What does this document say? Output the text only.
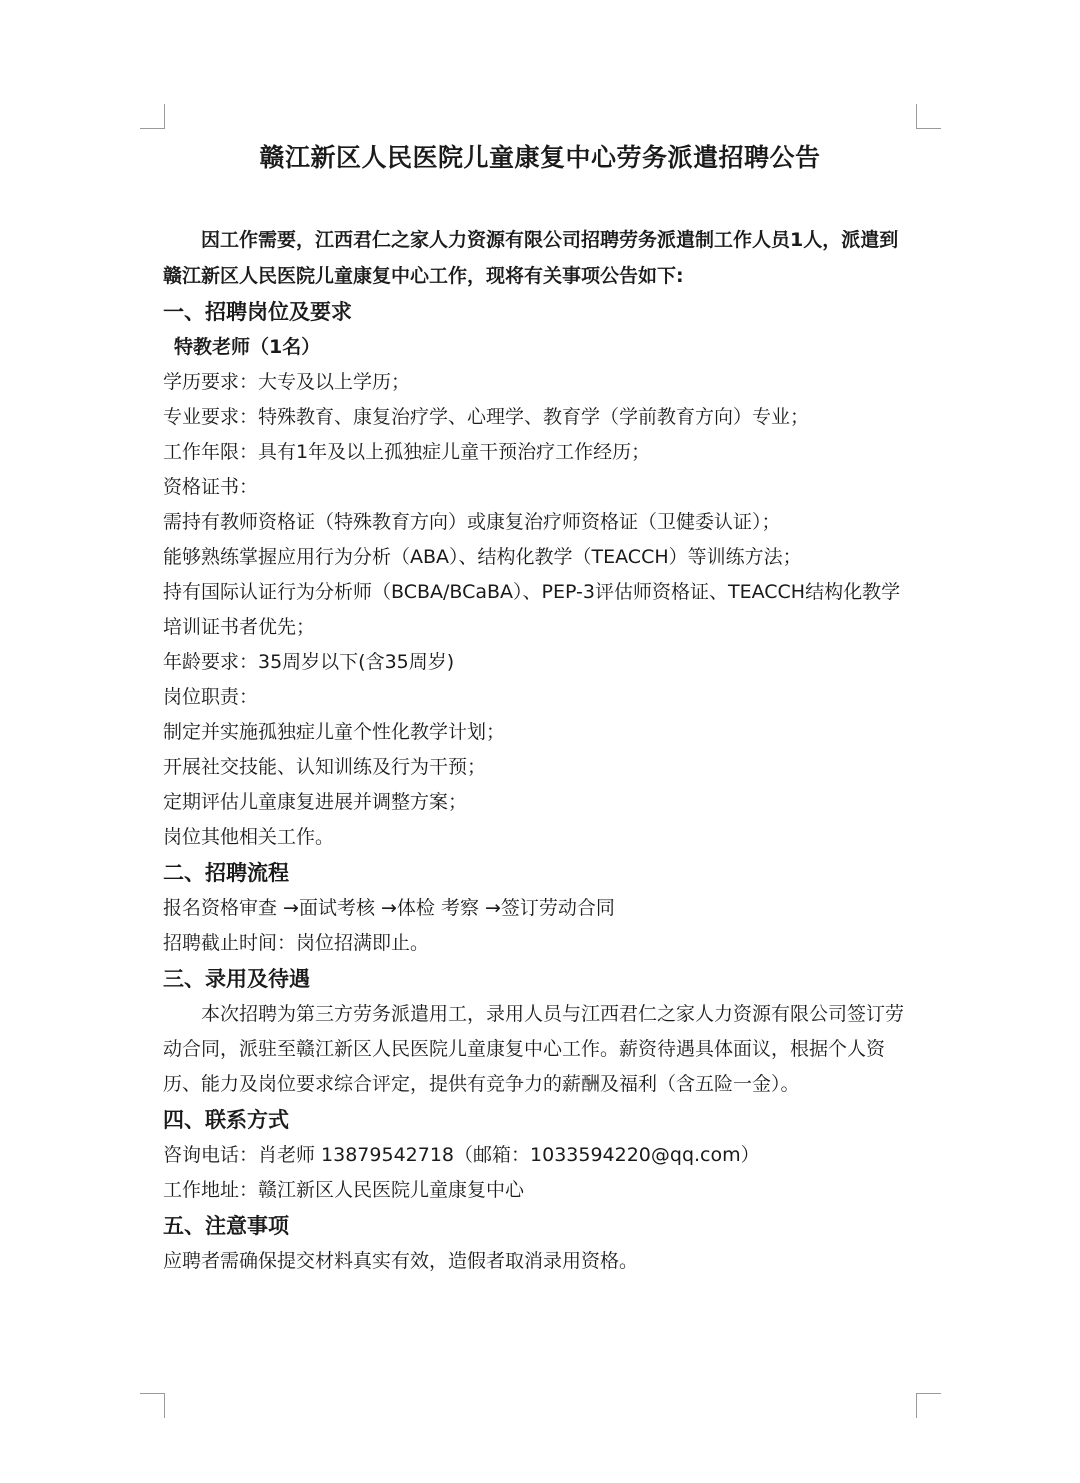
赣江新区人民医院儿童康复中心劳务派遣招聘公告

因工作需要，江西君仁之家人力资源有限公司招聘劳务派遣制工作人员1人，派遣到赣江新区人民医院儿童康复中心工作，现将有关事项公告如下:

一、招聘岗位及要求

特教老师（1名）

学历要求：大专及以上学历；

专业要求：特殊教育、康复治疗学、心理学、教育学（学前教育方向）专业；

工作年限：具有1年及以上孤独症儿童干预治疗工作经历；

资格证书：

需持有教师资格证（特殊教育方向）或康复治疗师资格证（卫健委认证）；

能够熟练掌握应用行为分析（ABA）、结构化教学（TEACCH）等训练方法；

持有国际认证行为分析师（BCBA/BCaBA）、PEP-3评估师资格证、TEACCH结构化教学培训证书者优先；

年龄要求：35周岁以下(含35周岁)

岗位职责：

制定并实施孤独症儿童个性化教学计划；

开展社交技能、认知训练及行为干预；

定期评估儿童康复进展并调整方案；

岗位其他相关工作。

二、招聘流程

报名资格审查 →面试考核 →体检 考察 →签订劳动合同

招聘截止时间：岗位招满即止。

三、录用及待遇

本次招聘为第三方劳务派遣用工，录用人员与江西君仁之家人力资源有限公司签订劳动合同，派驻至赣江新区人民医院儿童康复中心工作。薪资待遇具体面议，根据个人资历、能力及岗位要求综合评定，提供有竞争力的薪酬及福利（含五险一金）。

四、联系方式

咨询电话：肖老师 13879542718（邮箱：1033594220@qq.com）

工作地址：赣江新区人民医院儿童康复中心

五、注意事项

应聘者需确保提交材料真实有效，造假者取消录用资格。
